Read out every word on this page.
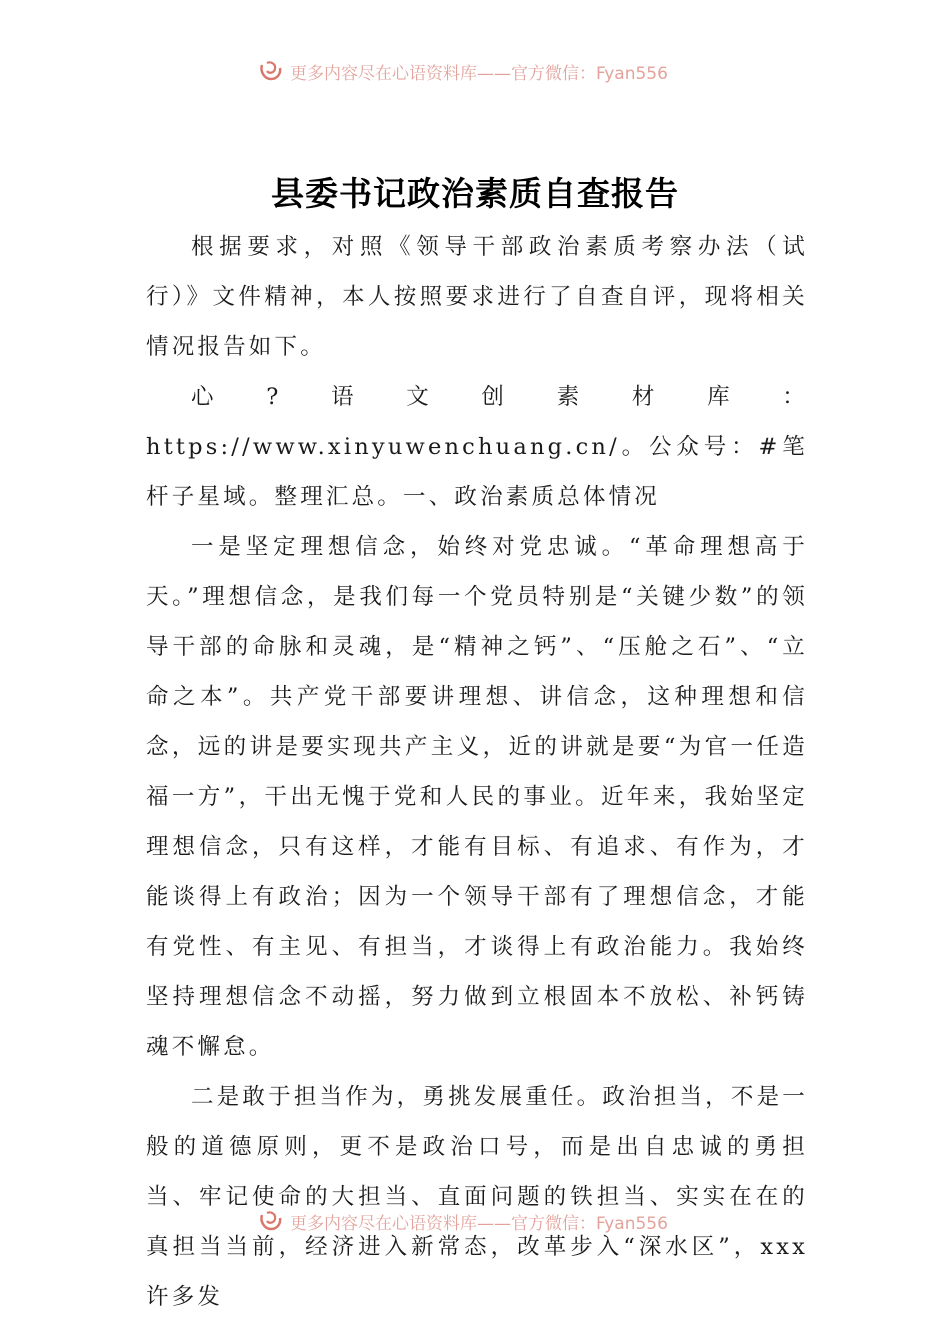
更多内容尽在心语资料库——官方微信：Fyan556
县委书记政治素质自查报告

根据要求，对照《领导干部政治素质考察办法（试行）》文件精神，本人按照要求进行了自查自评，现将相关情况报告如下。

心?语文创素材库：https://www.xinyuwenchuang.cn/。公众号：#笔杆子星域。整理汇总。一、政治素质总体情况

一是坚定理想信念，始终对党忠诚。“革命理想高于天。”理想信念，是我们每一个党员特别是“关键少数”的领导干部的命脉和灵魂，是“精神之钙”、“压舱之石”、“立命之本”。共产党干部要讲理想、讲信念，这种理想和信念，远的讲是要实现共产主义，近的讲就是要“为官一任造福一方”，干出无愧于党和人民的事业。近年来，我始坚定理想信念，只有这样，才能有目标、有追求、有作为，才能谈得上有政治；因为一个领导干部有了理想信念，才能有党性、有主见、有担当，才谈得上有政治能力。我始终坚持理想信念不动摇，努力做到立根固本不放松、补钙铸魂不懈怠。

二是敢于担当作为，勇挑发展重任。政治担当，不是一般的道德原则，更不是政治口号，而是出自忠诚的勇担当、牢记使命的大担当、直面问题的铁担当、实实在在的真担当当前，经济进入新常态，改革步入“深水区”，xxx许多发

更多内容尽在心语资料库——官方微信：Fyan556
